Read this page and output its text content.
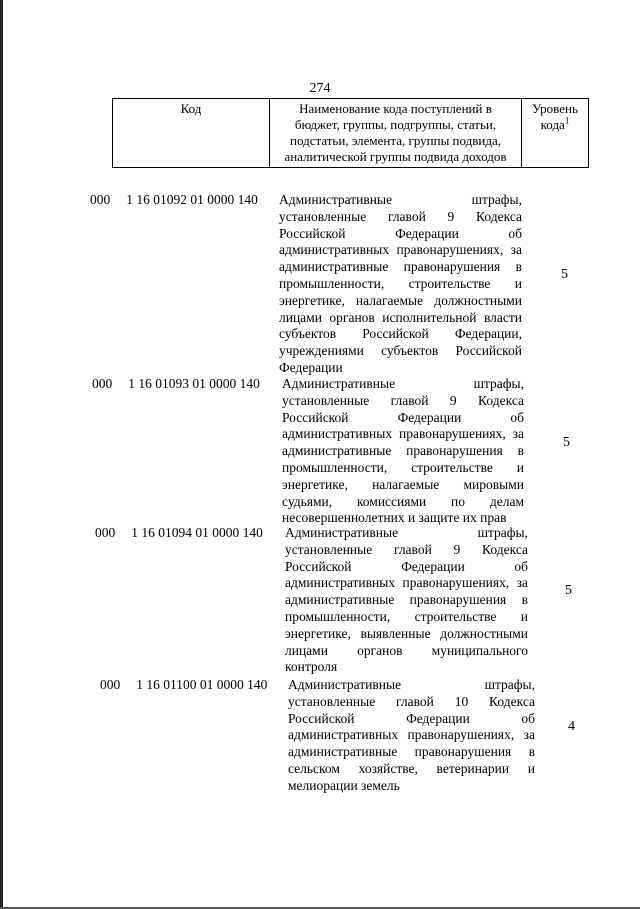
274
Код	Наименование кода поступлений в
бюджет, группы, подгруппы, статьи,
подстатьи, элемента, группы подвида,
аналитической группы подвида доходов

Уровень
кода$^1$
000 1 16 01092 01 0000 140 Административные штрафы,
установленные главой 9 Кодекса
Российской Федерации об
административных правонарушениях, за
административные правонарушения в
промышленности, строительстве и
энергетике, налагаемые должностными
лицами органов исполнительной власти
субъектов Российской Федерации,
учреждениями субъектов Российской
Федерации
5
000 1 16 01093 01 0000 140 Административные штрафы,
установленные главой 9 Кодекса
Российской Федерации об
административных правонарушениях, за
административные правонарушения в
промышленности, строительстве и
энергетике, налагаемые мировыми
судьями, комиссиями по делам
несовершеннолетних и защите их прав
5
000 1 16 01094 01 0000 140 Административные штрафы,
установленные главой 9 Кодекса
Российской Федерации об
административных правонарушениях, за
административные правонарушения в
промышленности, строительстве и
энергетике, выявленные должностными
лицами органов муниципального
контроля
5
000 1 16 01100 01 0000 140 Административные штрафы,
установленные главой 10 Кодекса
Российской Федерации об
административных правонарушениях, за
административные правонарушения в
сельском хозяйстве, ветеринарии и
мелиорации земель
4
